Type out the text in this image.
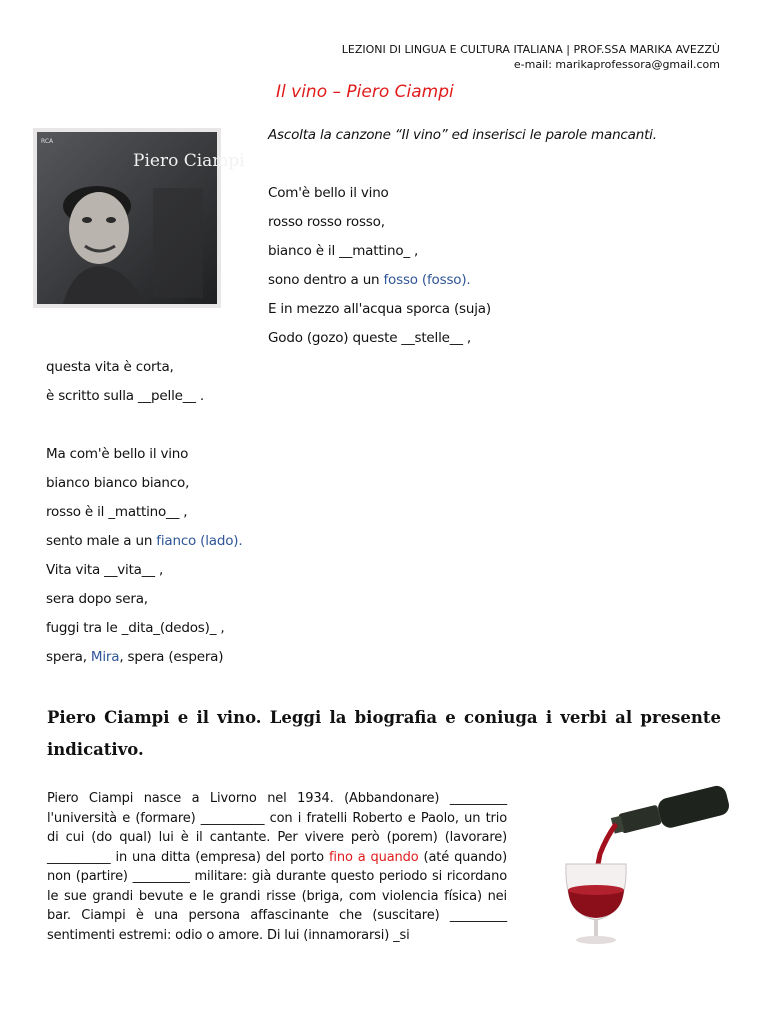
LEZIONI DI LINGUA E CULTURA ITALIANA | PROF.SSA MARIKA AVEZZÙ
e-mail: marikaprofessora@gmail.com
Il vino – Piero Ciampi
RCA
Piero Ciampi
Ascolta la canzone “Il vino” ed inserisci le parole mancanti.
Com'è bello il vino
rosso rosso rosso,
bianco è il __mattino_ ,
sono dentro a un fosso (fosso).
E in mezzo all'acqua sporca (suja)
Godo (gozo) queste __stelle__ ,
questa vita è corta,
è scritto sulla __pelle__ .
Ma com'è bello il vino
bianco bianco bianco,
rosso è il _mattino__ ,
sento male a un fianco (lado).
Vita vita __vita__ ,
sera dopo sera,
fuggi tra le _dita_(dedos)_ ,
spera, Mira, spera (espera)
Piero Ciampi e il vino. Leggi la biografia e coniuga i verbi al presente indicativo.
Piero Ciampi nasce a Livorno nel 1934. (Abbandonare) _________ l'università e (formare) __________ con i fratelli Roberto e Paolo, un trio di cui (do qual) lui è il cantante. Per vivere però (porem) (lavorare) __________ in una ditta (empresa) del porto fino a quando (até quando) non (partire) _________ militare: già durante questo periodo si ricordano le sue grandi bevute e le grandi risse (briga, com violencia física) nei bar. Ciampi è una persona affascinante che (suscitare) _________ sentimenti estremi: odio o amore. Di lui (innamorarsi) _si
